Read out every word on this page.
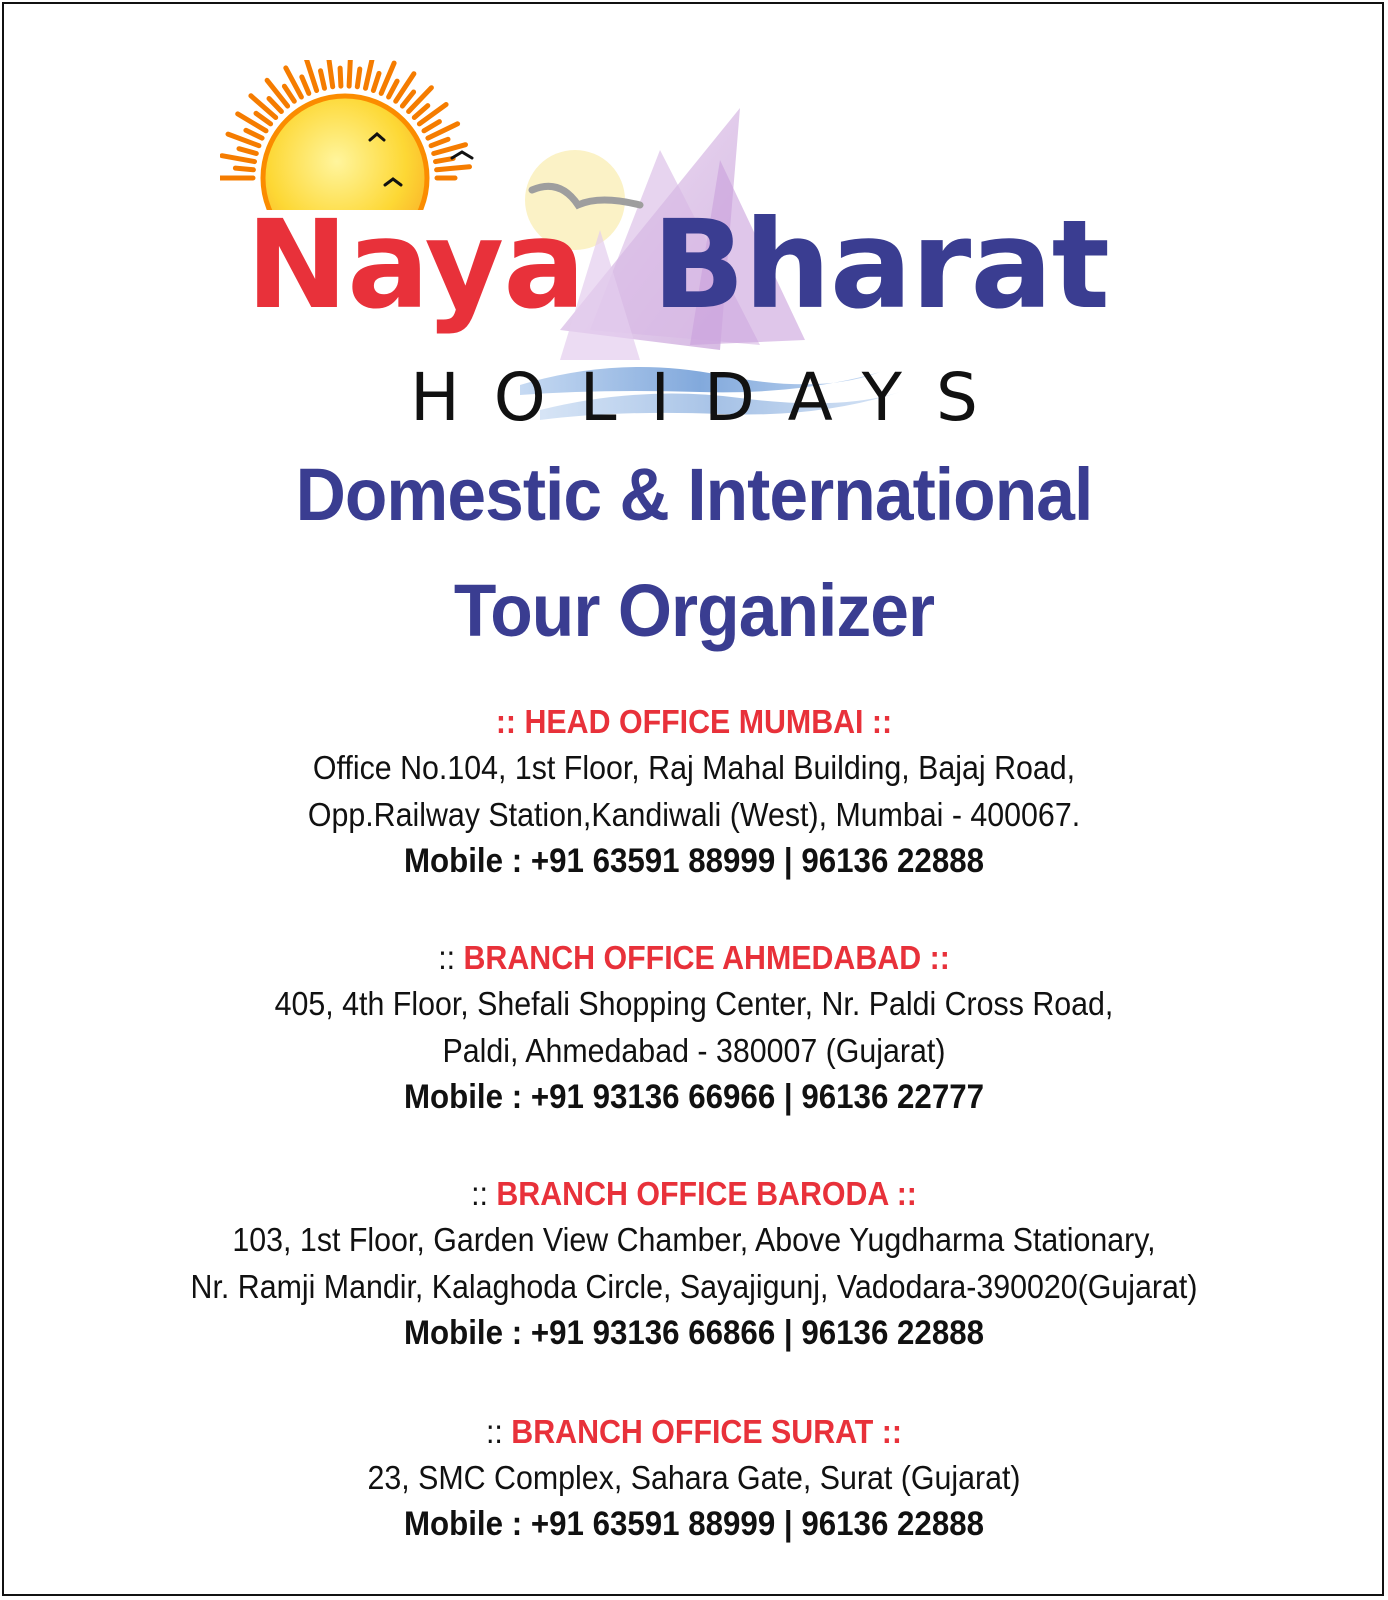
Naya Bharat
HOLIDAYS
Domestic & International
Tour Organizer
:: HEAD OFFICE MUMBAI ::
Office No.104, 1st Floor, Raj Mahal Building, Bajaj Road,
Opp.Railway Station,Kandiwali (West), Mumbai - 400067.
Mobile : +91 63591 88999 | 96136 22888
:: BRANCH OFFICE AHMEDABAD ::
405, 4th Floor, Shefali Shopping Center, Nr. Paldi Cross Road,
Paldi, Ahmedabad - 380007 (Gujarat)
Mobile : +91 93136 66966 | 96136 22777
:: BRANCH OFFICE BARODA ::
103, 1st Floor, Garden View Chamber, Above Yugdharma Stationary,
Nr. Ramji Mandir, Kalaghoda Circle, Sayajigunj, Vadodara-390020(Gujarat)
Mobile : +91 93136 66866 | 96136 22888
:: BRANCH OFFICE SURAT ::
23, SMC Complex, Sahara Gate, Surat (Gujarat)
Mobile : +91 63591 88999 | 96136 22888
